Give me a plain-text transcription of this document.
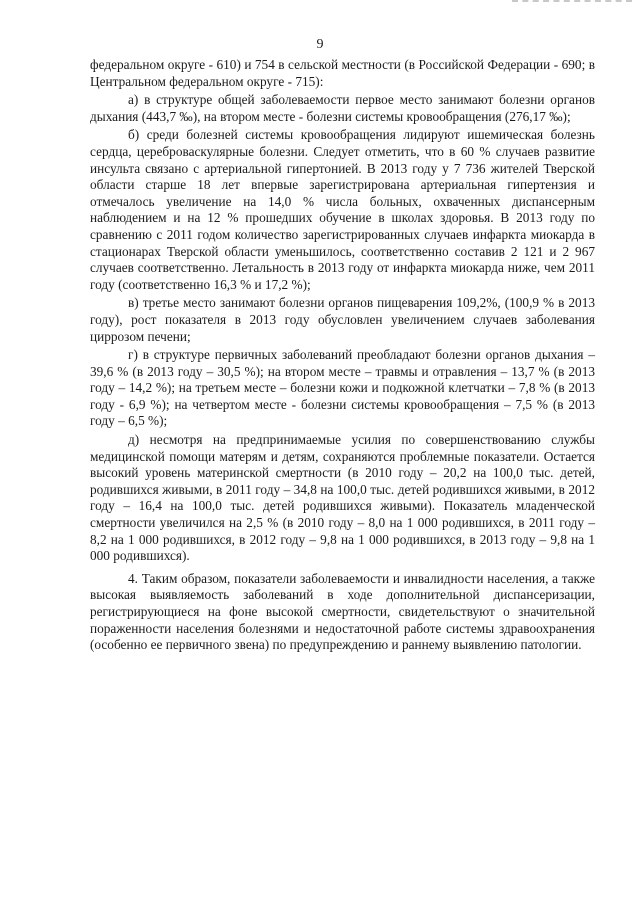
9

федеральном округе - 610) и 754 в сельской местности (в Российской Федерации - 690; в Центральном федеральном округе - 715):

а) в структуре общей заболеваемости первое место занимают болезни органов дыхания (443,7 ‰), на втором месте - болезни системы кровообращения (276,17 ‰);

б) среди болезней системы кровообращения лидируют ишемическая болезнь сердца, цереброваскулярные болезни. Следует отметить, что в 60 % случаев развитие инсульта связано с артериальной гипертонией. В 2013 году у 7 736 жителей Тверской области старше 18 лет впервые зарегистрирована артериальная гипертензия и отмечалось увеличение на 14,0 % числа больных, охваченных диспансерным наблюдением и на 12 % прошедших обучение в школах здоровья. В 2013 году по сравнению с 2011 годом количество зарегистрированных случаев инфаркта миокарда в стационарах Тверской области уменьшилось, соответственно составив 2 121 и 2 967 случаев соответственно. Летальность в 2013 году от инфаркта миокарда ниже, чем 2011 году (соответственно 16,3 % и 17,2 %);

в) третье место занимают болезни органов пищеварения 109,2%, (100,9 % в 2013 году), рост показателя в 2013 году обусловлен увеличением случаев заболевания циррозом печени;

г) в структуре первичных заболеваний преобладают болезни органов дыхания – 39,6 % (в 2013 году – 30,5 %); на втором месте – травмы и отравления – 13,7 % (в 2013 году – 14,2 %); на третьем месте – болезни кожи и подкожной клетчатки – 7,8 % (в 2013 году - 6,9 %); на четвертом месте - болезни системы кровообращения – 7,5 % (в 2013 году – 6,5 %);

д) несмотря на предпринимаемые усилия по совершенствованию службы медицинской помощи матерям и детям, сохраняются проблемные показатели. Остается высокий уровень материнской смертности (в 2010 году – 20,2 на 100,0 тыс. детей, родившихся живыми, в 2011 году – 34,8 на 100,0 тыс. детей родившихся живыми, в 2012 году – 16,4 на 100,0 тыс. детей родившихся живыми). Показатель младенческой смертности увеличился на 2,5 % (в 2010 году – 8,0 на 1 000 родившихся, в 2011 году – 8,2 на 1 000 родившихся, в 2012 году – 9,8 на 1 000 родившихся, в 2013 году – 9,8 на 1 000 родившихся).

4. Таким образом, показатели заболеваемости и инвалидности населения, а также высокая выявляемость заболеваний в ходе дополнительной диспансеризации, регистрирующиеся на фоне высокой смертности, свидетельствуют о значительной пораженности населения болезнями и недостаточной работе системы здравоохранения (особенно ее первичного звена) по предупреждению и раннему выявлению патологии.
